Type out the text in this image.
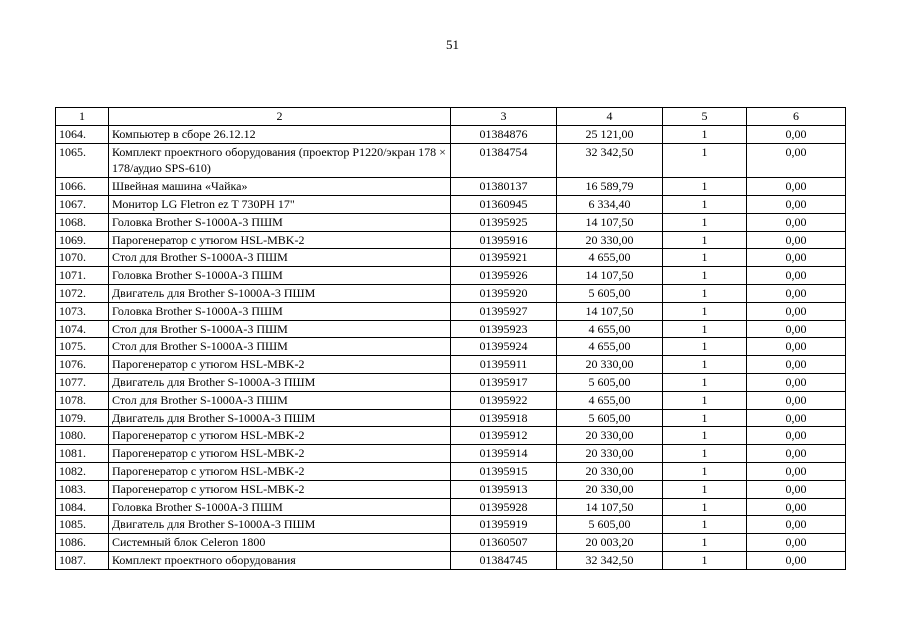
51
1	2	3	4	5	6
1064.	Компьютер в сборе 26.12.12	01384876	25 121,00	1	0,00
1065.	Комплект проектного оборудования (проектор P1220/экран 178 × 178/аудио SPS-610)	01384754	32 342,50	1	0,00
1066.	Швейная машина «Чайка»	01380137	16 589,79	1	0,00
1067.	Монитор LG Fletron ez T 730PH 17"	01360945	6 334,40	1	0,00
1068.	Головка Brother S-1000A-3 ПШМ	01395925	14 107,50	1	0,00
1069.	Парогенератор с утюгом HSL-MBK-2	01395916	20 330,00	1	0,00
1070.	Стол для Brother S-1000A-3 ПШМ	01395921	4 655,00	1	0,00
1071.	Головка Brother S-1000A-3 ПШМ	01395926	14 107,50	1	0,00
1072.	Двигатель для Brother S-1000A-3 ПШМ	01395920	5 605,00	1	0,00
1073.	Головка Brother S-1000A-3 ПШМ	01395927	14 107,50	1	0,00
1074.	Стол для Brother S-1000A-3 ПШМ	01395923	4 655,00	1	0,00
1075.	Стол для Brother S-1000A-3 ПШМ	01395924	4 655,00	1	0,00
1076.	Парогенератор с утюгом HSL-MBK-2	01395911	20 330,00	1	0,00
1077.	Двигатель для Brother S-1000A-3 ПШМ	01395917	5 605,00	1	0,00
1078.	Стол для Brother S-1000A-3 ПШМ	01395922	4 655,00	1	0,00
1079.	Двигатель для Brother S-1000A-3 ПШМ	01395918	5 605,00	1	0,00
1080.	Парогенератор с утюгом HSL-MBK-2	01395912	20 330,00	1	0,00
1081.	Парогенератор с утюгом HSL-MBK-2	01395914	20 330,00	1	0,00
1082.	Парогенератор с утюгом HSL-MBK-2	01395915	20 330,00	1	0,00
1083.	Парогенератор с утюгом HSL-MBK-2	01395913	20 330,00	1	0,00
1084.	Головка Brother S-1000A-3 ПШМ	01395928	14 107,50	1	0,00
1085.	Двигатель для Brother S-1000A-3 ПШМ	01395919	5 605,00	1	0,00
1086.	Системный блок Celeron 1800	01360507	20 003,20	1	0,00
1087.	Комплект проектного оборудования	01384745	32 342,50	1	0,00
